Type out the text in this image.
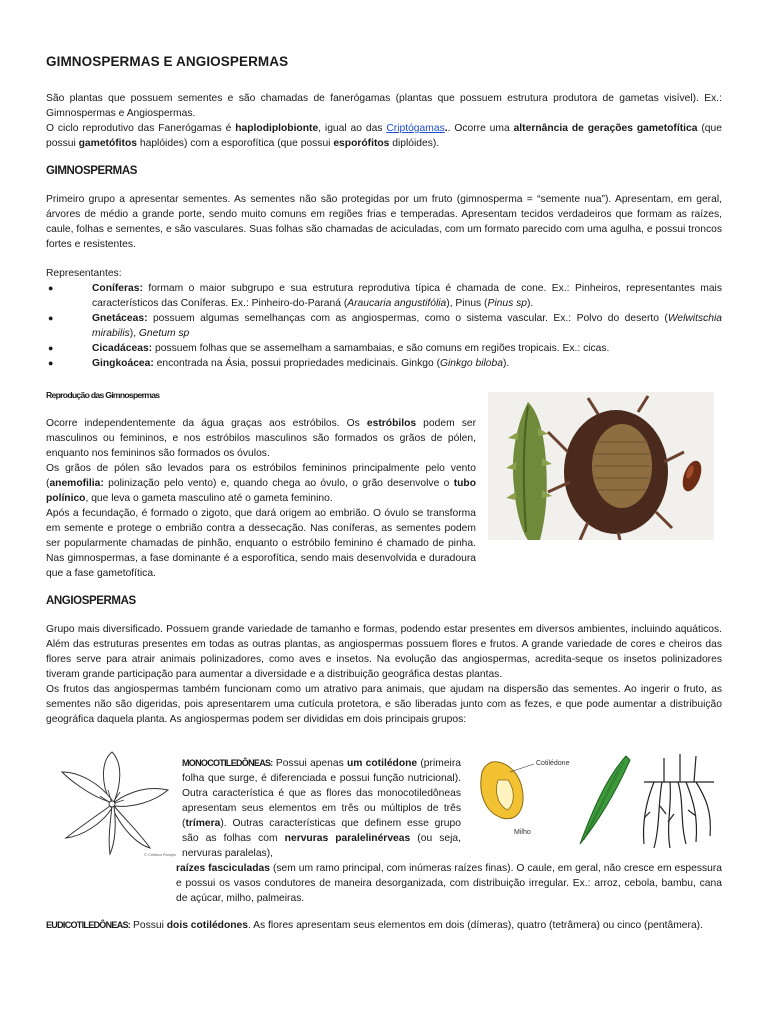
GIMNOSPERMAS E ANGIOSPERMAS

São plantas que possuem sementes e são chamadas de fanerógamas (plantas que possuem estrutura produtora de gametas visível). Ex.: Gimnospermas e Angiospermas.

O ciclo reprodutivo das Fanerógamas é haplodiplobionte, igual ao das Criptógamas.. Ocorre uma alternância de gerações gametofítica (que possui gametófitos haplóides) com a esporofítica (que possui esporófitos diplóides).

GIMNOSPERMAS

Primeiro grupo a apresentar sementes. As sementes não são protegidas por um fruto (gimnosperma = “semente nua”). Apresentam, em geral, árvores de médio a grande porte, sendo muito comuns em regiões frias e temperadas. Apresentam tecidos verdadeiros que formam as raízes, caule, folhas e sementes, e são vasculares. Suas folhas são chamadas de aciculadas, com um formato parecido com uma agulha, e possui troncos fortes e resistentes.

Representantes:

●	Coníferas: formam o maior subgrupo e sua estrutura reprodutiva típica é chamada de cone. Ex.: Pinheiros, representantes mais característicos das Coníferas. Ex.: Pinheiro-do-Paraná (Araucaria angustifólia), Pinus (Pinus sp).
●	Gnetáceas: possuem algumas semelhanças com as angiospermas, como o sistema vascular. Ex.: Polvo do deserto (Welwitschia mirabilis), Gnetum sp
●	Cicadáceas: possuem folhas que se assemelham a samambaias, e são comuns em regiões tropicais. Ex.: cicas.
●	Gingkoácea: encontrada na Ásia, possui propriedades medicinais. Ginkgo (Ginkgo biloba).
Reprodução das Gimnospermas

Ocorre independentemente da água graças aos estróbilos. Os estróbilos podem ser masculinos ou femininos, e nos estróbilos masculinos são formados os grãos de pólen, enquanto nos femininos são formados os óvulos.

Os grãos de pólen são levados para os estróbilos femininos principalmente pelo vento (anemofilia: polinização pelo vento) e, quando chega ao óvulo, o grão desenvolve o tubo polínico, que leva o gameta masculino até o gameta feminino.

Após a fecundação, é formado o zigoto, que dará origem ao embrião. O óvulo se transforma em semente e protege o embrião contra a dessecação. Nas coníferas, as sementes podem ser popularmente chamadas de pinhão, enquanto o estróbilo feminino é chamado de pinha. Nas gimnospermas, a fase dominante é a esporofítica, sendo mais desenvolvida e duradoura que a fase gametofítica.

ANGIOSPERMAS

Grupo mais diversificado. Possuem grande variedade de tamanho e formas, podendo estar presentes em diversos ambientes, incluindo aquáticos. Além das estruturas presentes em todas as outras plantas, as angiospermas possuem flores e frutos. A grande variedade de cores e cheiros das flores serve para atrair animais polinizadores, como aves e insetos. Na evolução das angiospermas, acredita-seque os insetos polinizadores tiveram grande participação para aumentar a diversidade e a distribuição geográfica destas plantas.

Os frutos das angiospermas também funcionam como um atrativo para animais, que ajudam na dispersão das sementes. Ao ingerir o fruto, as sementes não são digeridas, pois apresentarem uma cutícula protetora, e são liberadas junto com as fezes, e que pode aumentar a distribuição geográfica daquela planta. As angiospermas podem ser divididas em dois principais grupos:

© Cristina Pamplo

MONOCOTILEDÔNEAS: Possui apenas um cotilédone (primeira folha que surge, é diferenciada e possui função nutricional). Outra característica é que as flores das monocotiledôneas apresentam seus elementos em três ou múltiplos de três (trímera). Outras características que definem esse grupo são as folhas com nervuras paralelinérveas (ou seja, nervuras paralelas),

raízes fasciculadas (sem um ramo principal, com inúmeras raízes finas). O caule, em geral, não cresce em espessura e possui os vasos condutores de maneira desorganizada, com distribuição irregular. Ex.: arroz, cebola, bambu, cana de açúcar, milho, palmeiras.

Cotilédone
Milho

EUDICOTILEDÔNEAS: Possui dois cotilédones. As flores apresentam seus elementos em dois (dímeras), quatro (tetrâmera) ou cinco (pentâmera).
